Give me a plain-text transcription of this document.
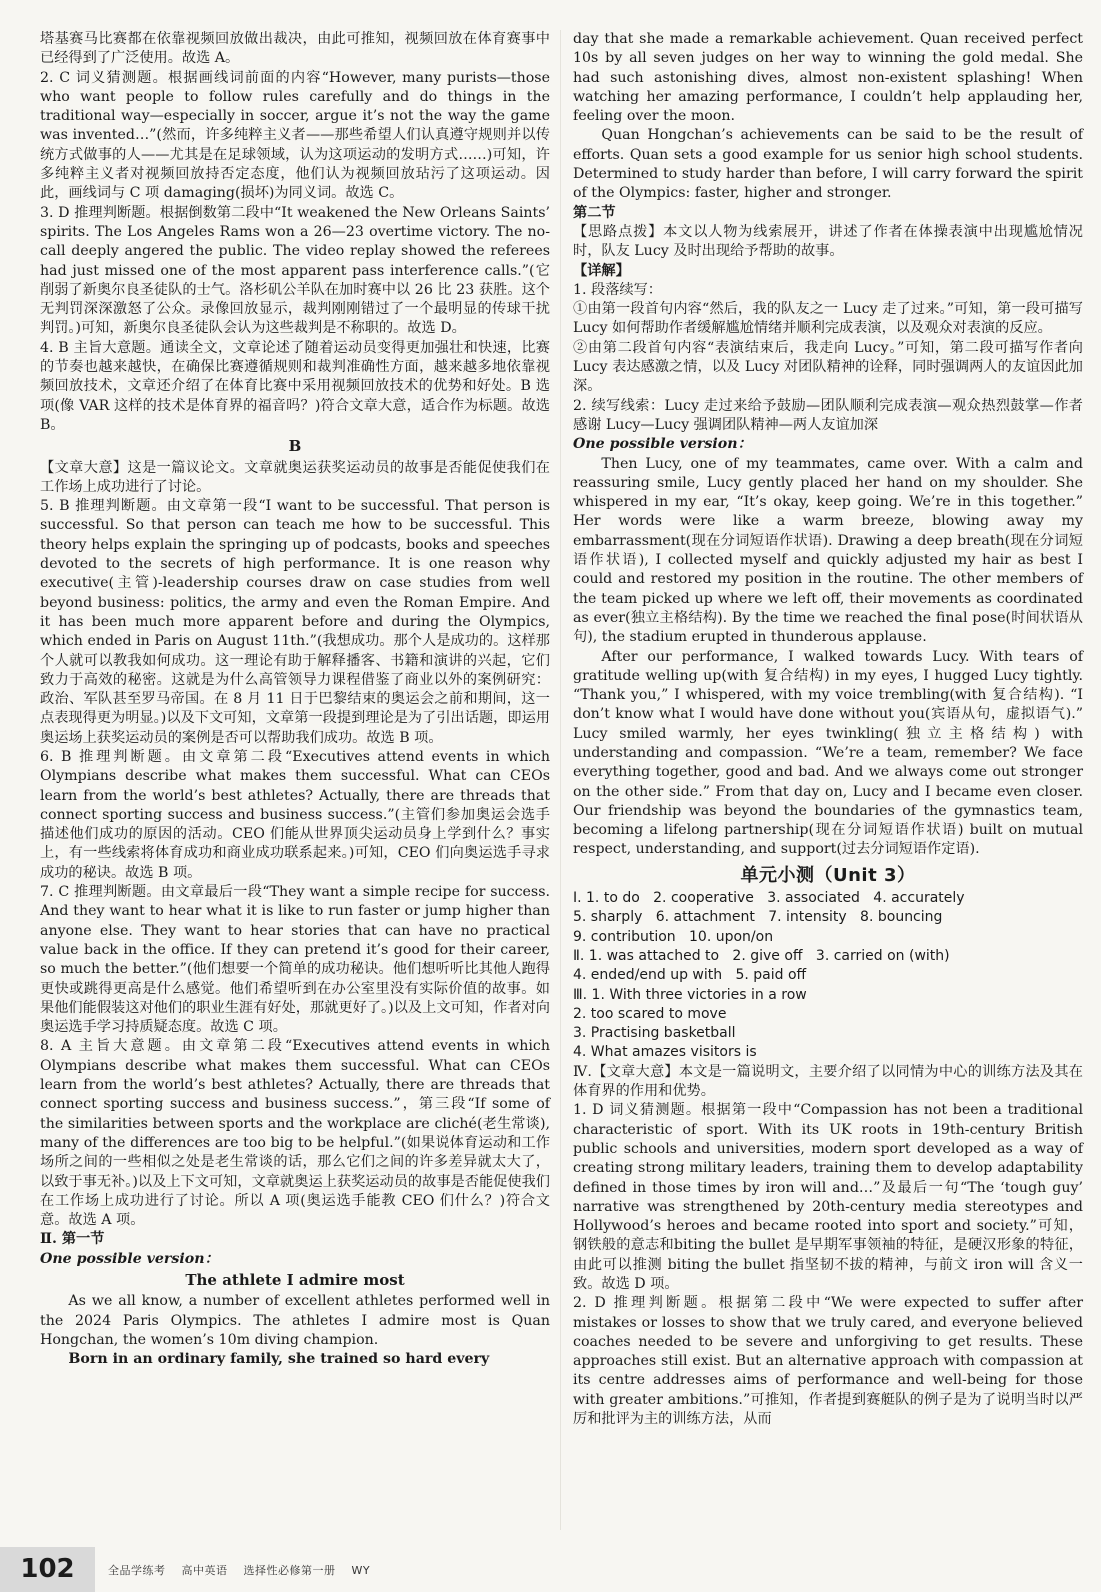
塔基赛马比赛都在依靠视频回放做出裁决，由此可推知，视频回放在体育赛事中已经得到了广泛使用。故选 A。

2. C 词义猜测题。根据画线词前面的内容“However, many purists—those who want people to follow rules carefully and do things in the traditional way—especially in soccer, argue it’s not the way the game was invented…”(然而，许多纯粹主义者——那些希望人们认真遵守规则并以传统方式做事的人——尤其是在足球领域，认为这项运动的发明方式……)可知，许多纯粹主义者对视频回放持否定态度，他们认为视频回放玷污了这项运动。因此，画线词与 C 项 damaging(损坏)为同义词。故选 C。

3. D 推理判断题。根据倒数第二段中“It weakened the New Orleans Saints’ spirits. The Los Angeles Rams won a 26—23 overtime victory. The no-call deeply angered the public. The video replay showed the referees had just missed one of the most apparent pass interference calls.”(它削弱了新奥尔良圣徒队的士气。洛杉矶公羊队在加时赛中以 26 比 23 获胜。这个无判罚深深激怒了公众。录像回放显示，裁判刚刚错过了一个最明显的传球干扰判罚。)可知，新奥尔良圣徒队会认为这些裁判是不称职的。故选 D。

4. B 主旨大意题。通读全文，文章论述了随着运动员变得更加强壮和快速，比赛的节奏也越来越快，在确保比赛遵循规则和裁判准确性方面，越来越多地依靠视频回放技术，文章还介绍了在体育比赛中采用视频回放技术的优势和好处。B 选项(像 VAR 这样的技术是体育界的福音吗？)符合文章大意，适合作为标题。故选 B。

B

【文章大意】这是一篇议论文。文章就奥运获奖运动员的故事是否能促使我们在工作场上成功进行了讨论。

5. B 推理判断题。由文章第一段“I want to be successful. That person is successful. So that person can teach me how to be successful. This theory helps explain the springing up of podcasts, books and speeches devoted to the secrets of high performance. It is one reason why executive(主管)-leadership courses draw on case studies from well beyond business: politics, the army and even the Roman Empire. And it has been much more apparent before and during the Olympics, which ended in Paris on August 11th.”(我想成功。那个人是成功的。这样那个人就可以教我如何成功。这一理论有助于解释播客、书籍和演讲的兴起，它们致力于高效的秘密。这就是为什么高管领导力课程借鉴了商业以外的案例研究：政治、军队甚至罗马帝国。在 8 月 11 日于巴黎结束的奥运会之前和期间，这一点表现得更为明显。)以及下文可知，文章第一段提到理论是为了引出话题，即运用奥运场上获奖运动员的案例是否可以帮助我们成功。故选 B 项。

6. B 推理判断题。由文章第二段“Executives attend events in which Olympians describe what makes them successful. What can CEOs learn from the world’s best athletes? Actually, there are threads that connect sporting success and business success.”(主管们参加奥运会选手描述他们成功的原因的活动。CEO 们能从世界顶尖运动员身上学到什么？事实上，有一些线索将体育成功和商业成功联系起来。)可知，CEO 们向奥运选手寻求成功的秘诀。故选 B 项。

7. C 推理判断题。由文章最后一段“They want a simple recipe for success. And they want to hear what it is like to run faster or jump higher than anyone else. They want to hear stories that can have no practical value back in the office. If they can pretend it’s good for their career, so much the better.”(他们想要一个简单的成功秘诀。他们想听听比其他人跑得更快或跳得更高是什么感觉。他们希望听到在办公室里没有实际价值的故事。如果他们能假装这对他们的职业生涯有好处，那就更好了。)以及上文可知，作者对向奥运选手学习持质疑态度。故选 C 项。

8. A 主旨大意题。由文章第二段“Executives attend events in which Olympians describe what makes them successful. What can CEOs learn from the world’s best athletes? Actually, there are threads that connect sporting success and business success.”，第三段“If some of the similarities between sports and the workplace are cliché(老生常谈), many of the differences are too big to be helpful.”(如果说体育运动和工作场所之间的一些相似之处是老生常谈的话，那么它们之间的许多差异就太大了，以致于事无补。)以及上下文可知，文章就奥运上获奖运动员的故事是否能促使我们在工作场上成功进行了讨论。所以 A 项(奥运选手能教 CEO 们什么？)符合文意。故选 A 项。

Ⅱ. 第一节

One possible version：

The athlete I admire most

As we all know, a number of excellent athletes performed well in the 2024 Paris Olympics. The athletes I admire most is Quan Hongchan, the women’s 10m diving champion.

Born in an ordinary family, she trained so hard every

day that she made a remarkable achievement. Quan received perfect 10s by all seven judges on her way to winning the gold medal. She had such astonishing dives, almost non-existent splashing! When watching her amazing performance, I couldn’t help applauding her, feeling over the moon.

Quan Hongchan’s achievements can be said to be the result of efforts. Quan sets a good example for us senior high school students. Determined to study harder than before, I will carry forward the spirit of the Olympics: faster, higher and stronger.

第二节

【思路点拨】本文以人物为线索展开，讲述了作者在体操表演中出现尴尬情况时，队友 Lucy 及时出现给予帮助的故事。

【详解】

1. 段落续写：

①由第一段首句内容“然后，我的队友之一 Lucy 走了过来。”可知，第一段可描写 Lucy 如何帮助作者缓解尴尬情绪并顺利完成表演，以及观众对表演的反应。

②由第二段首句内容“表演结束后，我走向 Lucy。”可知，第二段可描写作者向 Lucy 表达感激之情，以及 Lucy 对团队精神的诠释，同时强调两人的友谊因此加深。

2. 续写线索：Lucy 走过来给予鼓励—团队顺利完成表演—观众热烈鼓掌—作者感谢 Lucy—Lucy 强调团队精神—两人友谊加深

One possible version：

Then Lucy, one of my teammates, came over. With a calm and reassuring smile, Lucy gently placed her hand on my shoulder. She whispered in my ear, “It’s okay, keep going. We’re in this together.” Her words were like a warm breeze, blowing away my embarrassment(现在分词短语作状语). Drawing a deep breath(现在分词短语作状语), I collected myself and quickly adjusted my hair as best I could and restored my position in the routine. The other members of the team picked up where we left off, their movements as coordinated as ever(独立主格结构). By the time we reached the final pose(时间状语从句), the stadium erupted in thunderous applause.

After our performance, I walked towards Lucy. With tears of gratitude welling up(with 复合结构) in my eyes, I hugged Lucy tightly. “Thank you,” I whispered, with my voice trembling(with 复合结构). “I don’t know what I would have done without you(宾语从句，虚拟语气).” Lucy smiled warmly, her eyes twinkling(独立主格结构) with understanding and compassion. “We’re a team, remember? We face everything together, good and bad. And we always come out stronger on the other side.” From that day on, Lucy and I became even closer. Our friendship was beyond the boundaries of the gymnastics team, becoming a lifelong partnership(现在分词短语作状语) built on mutual respect, understanding, and support(过去分词短语作定语).

单元小测（Unit 3）

Ⅰ. 1. to do   2. cooperative   3. associated   4. accurately

5. sharply   6. attachment   7. intensity   8. bouncing

9. contribution   10. upon/on

Ⅱ. 1. was attached to   2. give off   3. carried on (with)

4. ended/end up with   5. paid off

Ⅲ. 1. With three victories in a row

2. too scared to move

3. Practising basketball

4. What amazes visitors is

Ⅳ.【文章大意】本文是一篇说明文，主要介绍了以同情为中心的训练方法及其在体育界的作用和优势。

1. D 词义猜测题。根据第一段中“Compassion has not been a traditional characteristic of sport. With its UK roots in 19th-century British public schools and universities, modern sport developed as a way of creating strong military leaders, training them to develop adaptability defined in those times by iron will and…”及最后一句“The ‘tough guy’ narrative was strengthened by 20th-century media stereotypes and Hollywood’s heroes and became rooted into sport and society.”可知，钢铁般的意志和biting the bullet 是早期军事领袖的特征，是硬汉形象的特征，由此可以推测 biting the bullet 指坚韧不拔的精神，与前文 iron will 含义一致。故选 D 项。

2. D 推理判断题。根据第二段中“We were expected to suffer after mistakes or losses to show that we truly cared, and everyone believed coaches needed to be severe and unforgiving to get results. These approaches still exist. But an alternative approach with compassion at its centre addresses aims of performance and well-being for those with greater ambitions.”可推知，作者提到赛艇队的例子是为了说明当时以严厉和批评为主的训练方法，从而

102	全品学练考 高中英语 选择性必修第一册 WY
